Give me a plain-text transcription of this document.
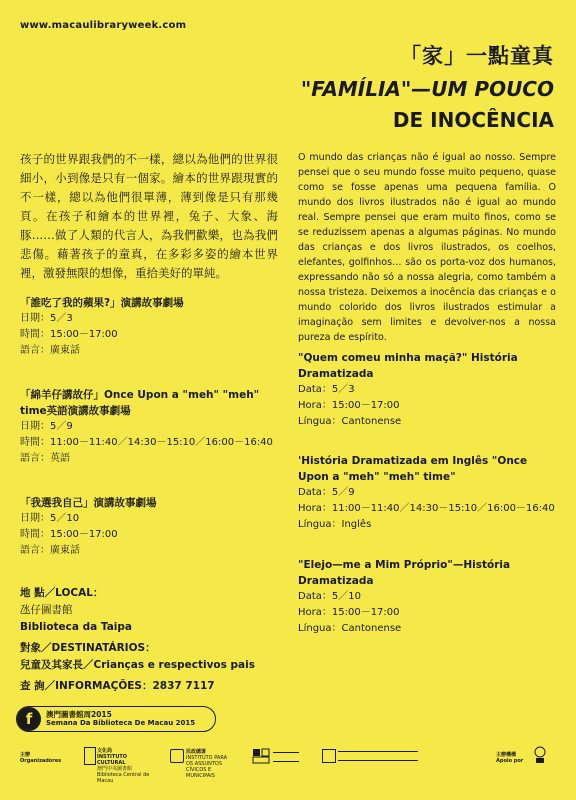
www.macaulibraryweek.com
「家」一點童真
"FAMÍLIA"—UM POUCO
DE INOCÊNCIA
孩子的世界跟我們的不一樣，總以為他們的世界很細小，小到像是只有一個家。繪本的世界跟現實的不一樣，總以為他們很單薄，薄到像是只有那幾頁。在孩子和繪本的世界裡，兔子、大象、海豚……做了人類的代言人，為我們歡樂，也為我們悲傷。藉著孩子的童真，在多彩多姿的繪本世界裡，激發無限的想像，重拾美好的單純。
O mundo das crianças não é igual ao nosso. Sempre pensei que o seu mundo fosse muito pequeno, quase como se fosse apenas uma pequena família. O mundo dos livros ilustrados não é igual ao mundo real. Sempre pensei que eram muito finos, como se se reduzissem apenas a algumas páginas. No mundo das crianças e dos livros ilustrados, os coelhos, elefantes, golfinhos… são os porta-voz dos humanos, expressando não só a nossa alegria, como também a nossa tristeza. Deixemos a inocência das crianças e o mundo colorido dos livros ilustrados estimular a imaginação sem limites e devolver-nos a nossa pureza de espírito.
「誰吃了我的蘋果?」演講故事劇場
日期：5／3
時間：15:00－17:00
語言：廣東話
「綿羊仔講故仔」Once Upon a "meh" "meh" time英語演講故事劇場
日期：5／9
時間：11:00－11:40／14:30－15:10／16:00－16:40
語言：英語
「我選我自己」演講故事劇場
日期：5／10
時間：15:00－17:00
語言：廣東話
地 點／LOCAL：
氹仔圖書館
Biblioteca da Taipa
對象／DESTINATÁRIOS：
兒童及其家長／Crianças e respectivos pais
查 詢／INFORMAÇÕES：2837 7117
"Quem comeu minha maçã?" História Dramatizada
Data：5／3
Hora：15:00－17:00
Língua：Cantonense
'História Dramatizada em Inglês "Once Upon a "meh" "meh" time"
Data：5／9
Hora：11:00－11:40／14:30－15:10／16:00－16:40
Língua：Inglês
"Elejo—me a Mim Próprio"—História Dramatizada
Data：5／10
Hora：15:00－17:00
Língua：Cantonense
f	澳門圖書館周2015
Semana Da Biblioteca De Macau 2015
主辦
Organizadores
文化局
INSTITUTO CULTURAL
澳門中央圖書館 Biblioteca Central de Macau
民政總署
INSTITUTO PARA OS ASSUNTOS CÍVICOS E MUNICIPAIS
主辦機構
Apoio por
